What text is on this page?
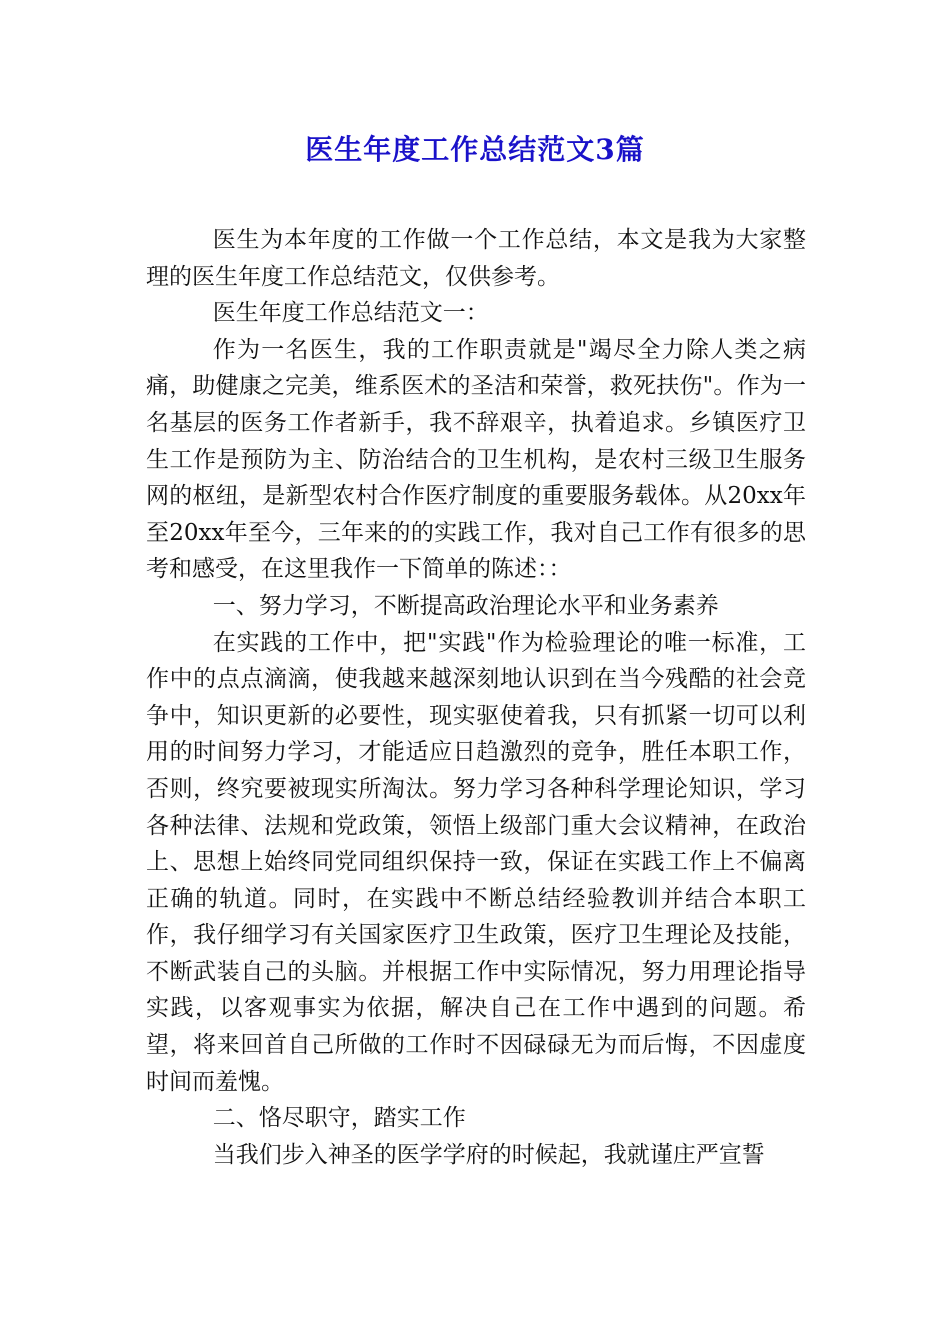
医生年度工作总结范文3篇

医生为本年度的工作做一个工作总结，本文是我为大家整理的医生年度工作总结范文，仅供参考。

医生年度工作总结范文一：

作为一名医生，我的工作职责就是"竭尽全力除人类之病痛，助健康之完美，维系医术的圣洁和荣誉，救死扶伤"。作为一名基层的医务工作者新手，我不辞艰辛，执着追求。乡镇医疗卫生工作是预防为主、防治结合的卫生机构，是农村三级卫生服务网的枢纽，是新型农村合作医疗制度的重要服务载体。从20xx年至20xx年至今，三年来的的实践工作，我对自己工作有很多的思考和感受，在这里我作一下简单的陈述：：

一、努力学习，不断提高政治理论水平和业务素养

在实践的工作中，把"实践"作为检验理论的唯一标准，工作中的点点滴滴，使我越来越深刻地认识到在当今残酷的社会竞争中，知识更新的必要性，现实驱使着我，只有抓紧一切可以利用的时间努力学习，才能适应日趋激烈的竞争，胜任本职工作，否则，终究要被现实所淘汰。努力学习各种科学理论知识，学习各种法律、法规和党政策，领悟上级部门重大会议精神，在政治上、思想上始终同党同组织保持一致，保证在实践工作上不偏离正确的轨道。同时，在实践中不断总结经验教训并结合本职工作，我仔细学习有关国家医疗卫生政策，医疗卫生理论及技能，不断武装自己的头脑。并根据工作中实际情况，努力用理论指导实践，以客观事实为依据，解决自己在工作中遇到的问题。希望，将来回首自己所做的工作时不因碌碌无为而后悔，不因虚度时间而羞愧。

二、恪尽职守，踏实工作

当我们步入神圣的医学学府的时候起，我就谨庄严宣誓
